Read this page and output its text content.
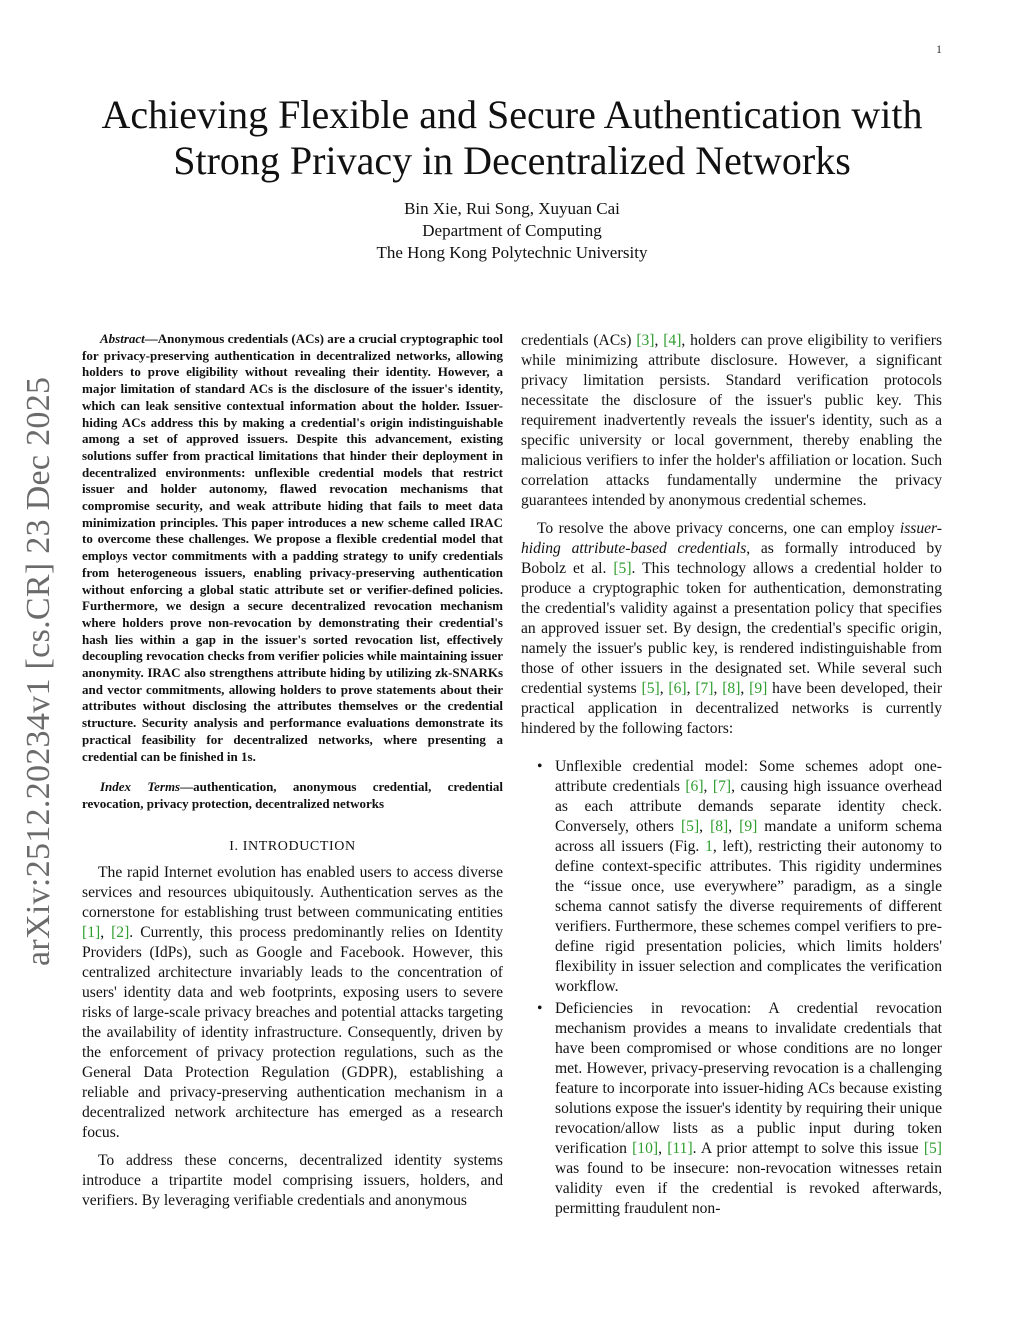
1
arXiv:2512.20234v1 [cs.CR] 23 Dec 2025
Achieving Flexible and Secure Authentication with
Strong Privacy in Decentralized Networks
Bin Xie, Rui Song, Xuyuan Cai
Department of Computing
The Hong Kong Polytechnic University

Abstract—Anonymous credentials (ACs) are a crucial cryptographic tool for privacy-preserving authentication in decentralized networks, allowing holders to prove eligibility without revealing their identity. However, a major limitation of standard ACs is the disclosure of the issuer's identity, which can leak sensitive contextual information about the holder. Issuer-hiding ACs address this by making a credential's origin indistinguishable among a set of approved issuers. Despite this advancement, existing solutions suffer from practical limitations that hinder their deployment in decentralized environments: unflexible credential models that restrict issuer and holder autonomy, flawed revocation mechanisms that compromise security, and weak attribute hiding that fails to meet data minimization principles. This paper introduces a new scheme called IRAC to overcome these challenges. We propose a flexible credential model that employs vector commitments with a padding strategy to unify credentials from heterogeneous issuers, enabling privacy-preserving authentication without enforcing a global static attribute set or verifier-defined policies. Furthermore, we design a secure decentralized revocation mechanism where holders prove non-revocation by demonstrating their credential's hash lies within a gap in the issuer's sorted revocation list, effectively decoupling revocation checks from verifier policies while maintaining issuer anonymity. IRAC also strengthens attribute hiding by utilizing zk-SNARKs and vector commitments, allowing holders to prove statements about their attributes without disclosing the attributes themselves or the credential structure. Security analysis and performance evaluations demonstrate its practical feasibility for decentralized networks, where presenting a credential can be finished in 1s.

Index Terms—authentication, anonymous credential, credential revocation, privacy protection, decentralized networks

I. INTRODUCTION

The rapid Internet evolution has enabled users to access diverse services and resources ubiquitously. Authentication serves as the cornerstone for establishing trust between communicating entities [1], [2]. Currently, this process predominantly relies on Identity Providers (IdPs), such as Google and Facebook. However, this centralized architecture invariably leads to the concentration of users' identity data and web footprints, exposing users to severe risks of large-scale privacy breaches and potential attacks targeting the availability of identity infrastructure. Consequently, driven by the enforcement of privacy protection regulations, such as the General Data Protection Regulation (GDPR), establishing a reliable and privacy-preserving authentication mechanism in a decentralized network architecture has emerged as a research focus.

To address these concerns, decentralized identity systems introduce a tripartite model comprising issuers, holders, and verifiers. By leveraging verifiable credentials and anonymous

credentials (ACs) [3], [4], holders can prove eligibility to verifiers while minimizing attribute disclosure. However, a significant privacy limitation persists. Standard verification protocols necessitate the disclosure of the issuer's public key. This requirement inadvertently reveals the issuer's identity, such as a specific university or local government, thereby enabling the malicious verifiers to infer the holder's affiliation or location. Such correlation attacks fundamentally undermine the privacy guarantees intended by anonymous credential schemes.

To resolve the above privacy concerns, one can employ issuer-hiding attribute-based credentials, as formally introduced by Bobolz et al. [5]. This technology allows a credential holder to produce a cryptographic token for authentication, demonstrating the credential's validity against a presentation policy that specifies an approved issuer set. By design, the credential's specific origin, namely the issuer's public key, is rendered indistinguishable from those of other issuers in the designated set. While several such credential systems [5], [6], [7], [8], [9] have been developed, their practical application in decentralized networks is currently hindered by the following factors:

• Unflexible credential model: Some schemes adopt one-attribute credentials [6], [7], causing high issuance overhead as each attribute demands separate identity check. Conversely, others [5], [8], [9] mandate a uniform schema across all issuers (Fig. 1, left), restricting their autonomy to define context-specific attributes. This rigidity undermines the “issue once, use everywhere” paradigm, as a single schema cannot satisfy the diverse requirements of different verifiers. Furthermore, these schemes compel verifiers to pre-define rigid presentation policies, which limits holders' flexibility in issuer selection and complicates the verification workflow.
• Deficiencies in revocation: A credential revocation mechanism provides a means to invalidate credentials that have been compromised or whose conditions are no longer met. However, privacy-preserving revocation is a challenging feature to incorporate into issuer-hiding ACs because existing solutions expose the issuer's identity by requiring their unique revocation/allow lists as a public input during token verification [10], [11]. A prior attempt to solve this issue [5] was found to be insecure: non-revocation witnesses retain validity even if the credential is revoked afterwards, permitting fraudulent non-
